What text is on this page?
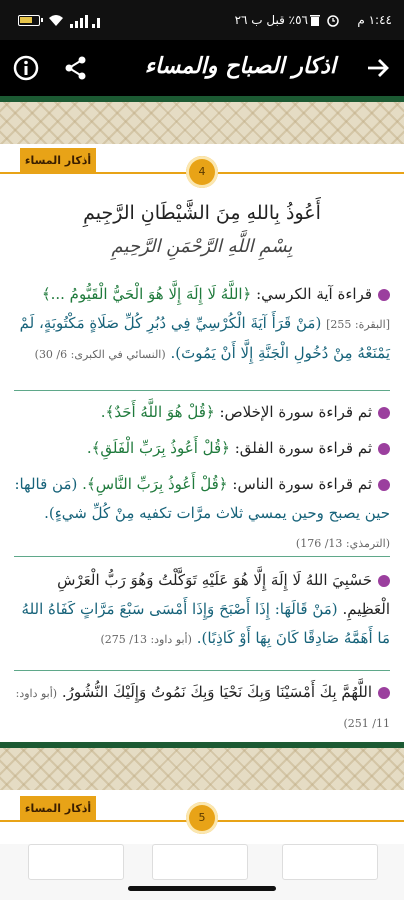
٥٦٪ قبل ب ٢٦	١:٤٤ م
اذكار الصباح والمساء
أذكار المساء
4
أَعُوذُ بِاللهِ مِنَ الشَّيْطَانِ الرَّجِيمِ
بِسْمِ اللَّهِ الرَّحْمَنِ الرَّحِيمِ
قراءة آية الكرسي: ﴿اللَّهُ لَا إِلَهَ إِلَّا هُوَ الْحَيُّ الْقَيُّومُ ...﴾ [البقرة: 255] (مَنْ قَرَأَ آيَةَ الْكُرْسِيِّ فِي دُبُرِ كُلِّ صَلَاةٍ مَكْتُوبَةٍ، لَمْ يَمْنَعْهُ مِنْ دُخُولِ الْجَنَّةِ إِلَّا أَنْ يَمُوتَ). (النسائي في الكبرى: 6/ 30)
ثم قراءة سورة الإخلاص: ﴿قُلْ هُوَ اللَّهُ أَحَدٌ﴾.
ثم قراءة سورة الفلق: ﴿قُلْ أَعُوذُ بِرَبِّ الْفَلَقِ﴾.
ثم قراءة سورة الناس: ﴿قُلْ أَعُوذُ بِرَبِّ النَّاسِ﴾. (مَن قالها: حين يصبح وحين يمسي ثلاث مرَّات تكفيه مِنْ كُلِّ شيءٍ). (الترمذي: 13/ 176)
حَسْبِيَ اللهُ لَا إِلَهَ إِلَّا هُوَ عَلَيْهِ تَوَكَّلْتُ وَهُوَ رَبُّ الْعَرْشِ الْعَظِيمِ. (مَنْ قَالَهَا: إِذَا أَصْبَحَ وَإِذَا أَمْسَى سَبْعَ مَرَّاتٍ كَفَاهُ اللهُ مَا أَهَمَّهُ صَادِقًا كَانَ بِهَا أَوْ كَاذِبًا). (أبو داود: 13/ 275)
اللَّهُمَّ بِكَ أَمْسَيْنَا وَبِكَ نَحْيَا وَبِكَ نَمُوتُ وَإِلَيْكَ النُّشُورُ. (أبو داود: 11/ 251)
أذكار المساء
5
